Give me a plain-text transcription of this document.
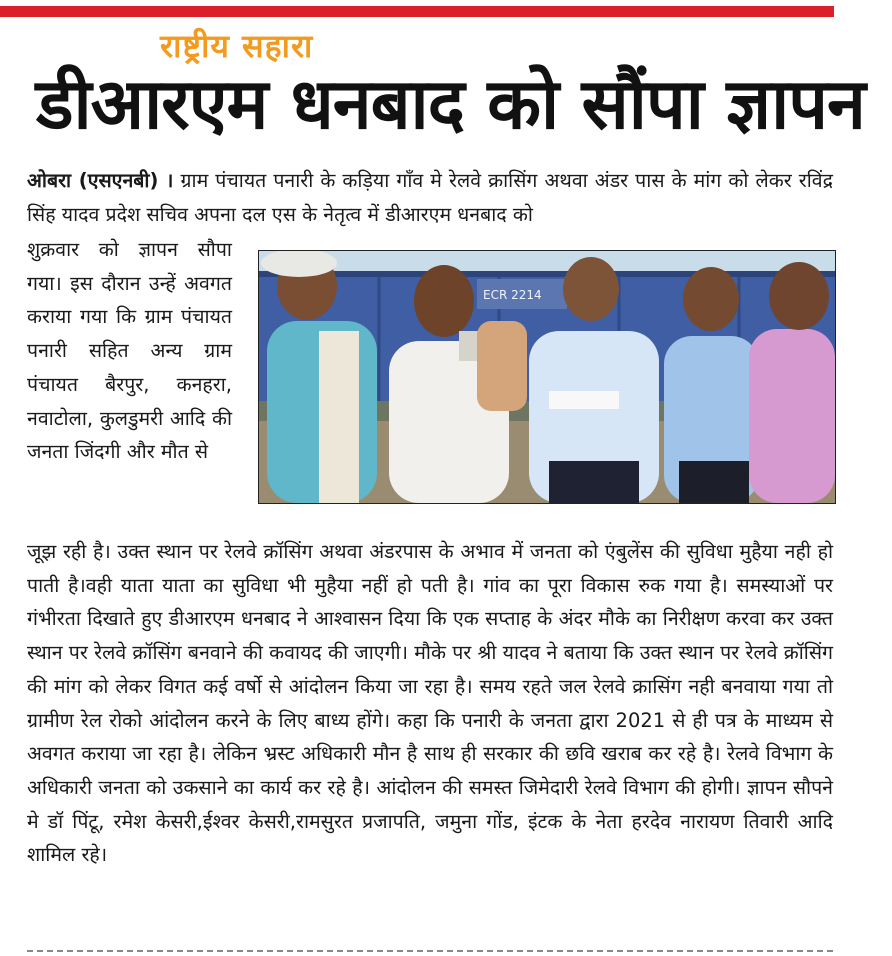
राष्ट्रीय सहारा
डीआरएम धनबाद को सौंपा ज्ञापन
ओबरा (एसएनबी) । ग्राम पंचायत पनारी के कड़िया गाँव मे रेलवे क्रासिंग अथवा अंडर पास के मांग को लेकर रविंद्र सिंह यादव प्रदेश सचिव अपना दल एस के नेतृत्व में डीआरएम धनबाद को
शुक्रवार को ज्ञापन सौपा गया। इस दौरान उन्हें अवगत कराया गया कि ग्राम पंचायत पनारी सहित अन्य ग्राम पंचायत बैरपुर, कनहरा, नवाटोला, कुलडुमरी आदि की जनता जिंदगी और मौत से
ECR 2214
जूझ रही है। उक्त स्थान पर रेलवे क्रॉसिंग अथवा अंडरपास के अभाव में जनता को एंबुलेंस की सुविधा मुहैया नही हो पाती है।वही याता याता का सुविधा भी मुहैया नहीं हो पती है। गांव का पूरा विकास रुक गया है। समस्याओं पर गंभीरता दिखाते हुए डीआरएम धनबाद ने आश्वासन दिया कि एक सप्ताह के अंदर मौके का निरीक्षण करवा कर उक्त स्थान पर रेलवे क्रॉसिंग बनवाने की कवायद की जाएगी। मौके पर श्री यादव ने बताया कि उक्त स्थान पर रेलवे क्रॉसिंग की मांग को लेकर विगत कई वर्षो से आंदोलन किया जा रहा है। समय रहते जल रेलवे क्रासिंग नही बनवाया गया तो ग्रामीण रेल रोको आंदोलन करने के लिए बाध्य होंगे। कहा कि पनारी के जनता द्वारा 2021 से ही पत्र के माध्यम से अवगत कराया जा रहा है। लेकिन भ्रस्ट अधिकारी मौन है साथ ही सरकार की छवि खराब कर रहे है। रेलवे विभाग के अधिकारी जनता को उकसाने का कार्य कर रहे है। आंदोलन की समस्त जिमेदारी रेलवे विभाग की होगी। ज्ञापन सौपने मे डॉ पिंटू, रमेश केसरी,ईश्वर केसरी,रामसुरत प्रजापति, जमुना गोंड, इंटक के नेता हरदेव नारायण तिवारी आदि शामिल रहे।
